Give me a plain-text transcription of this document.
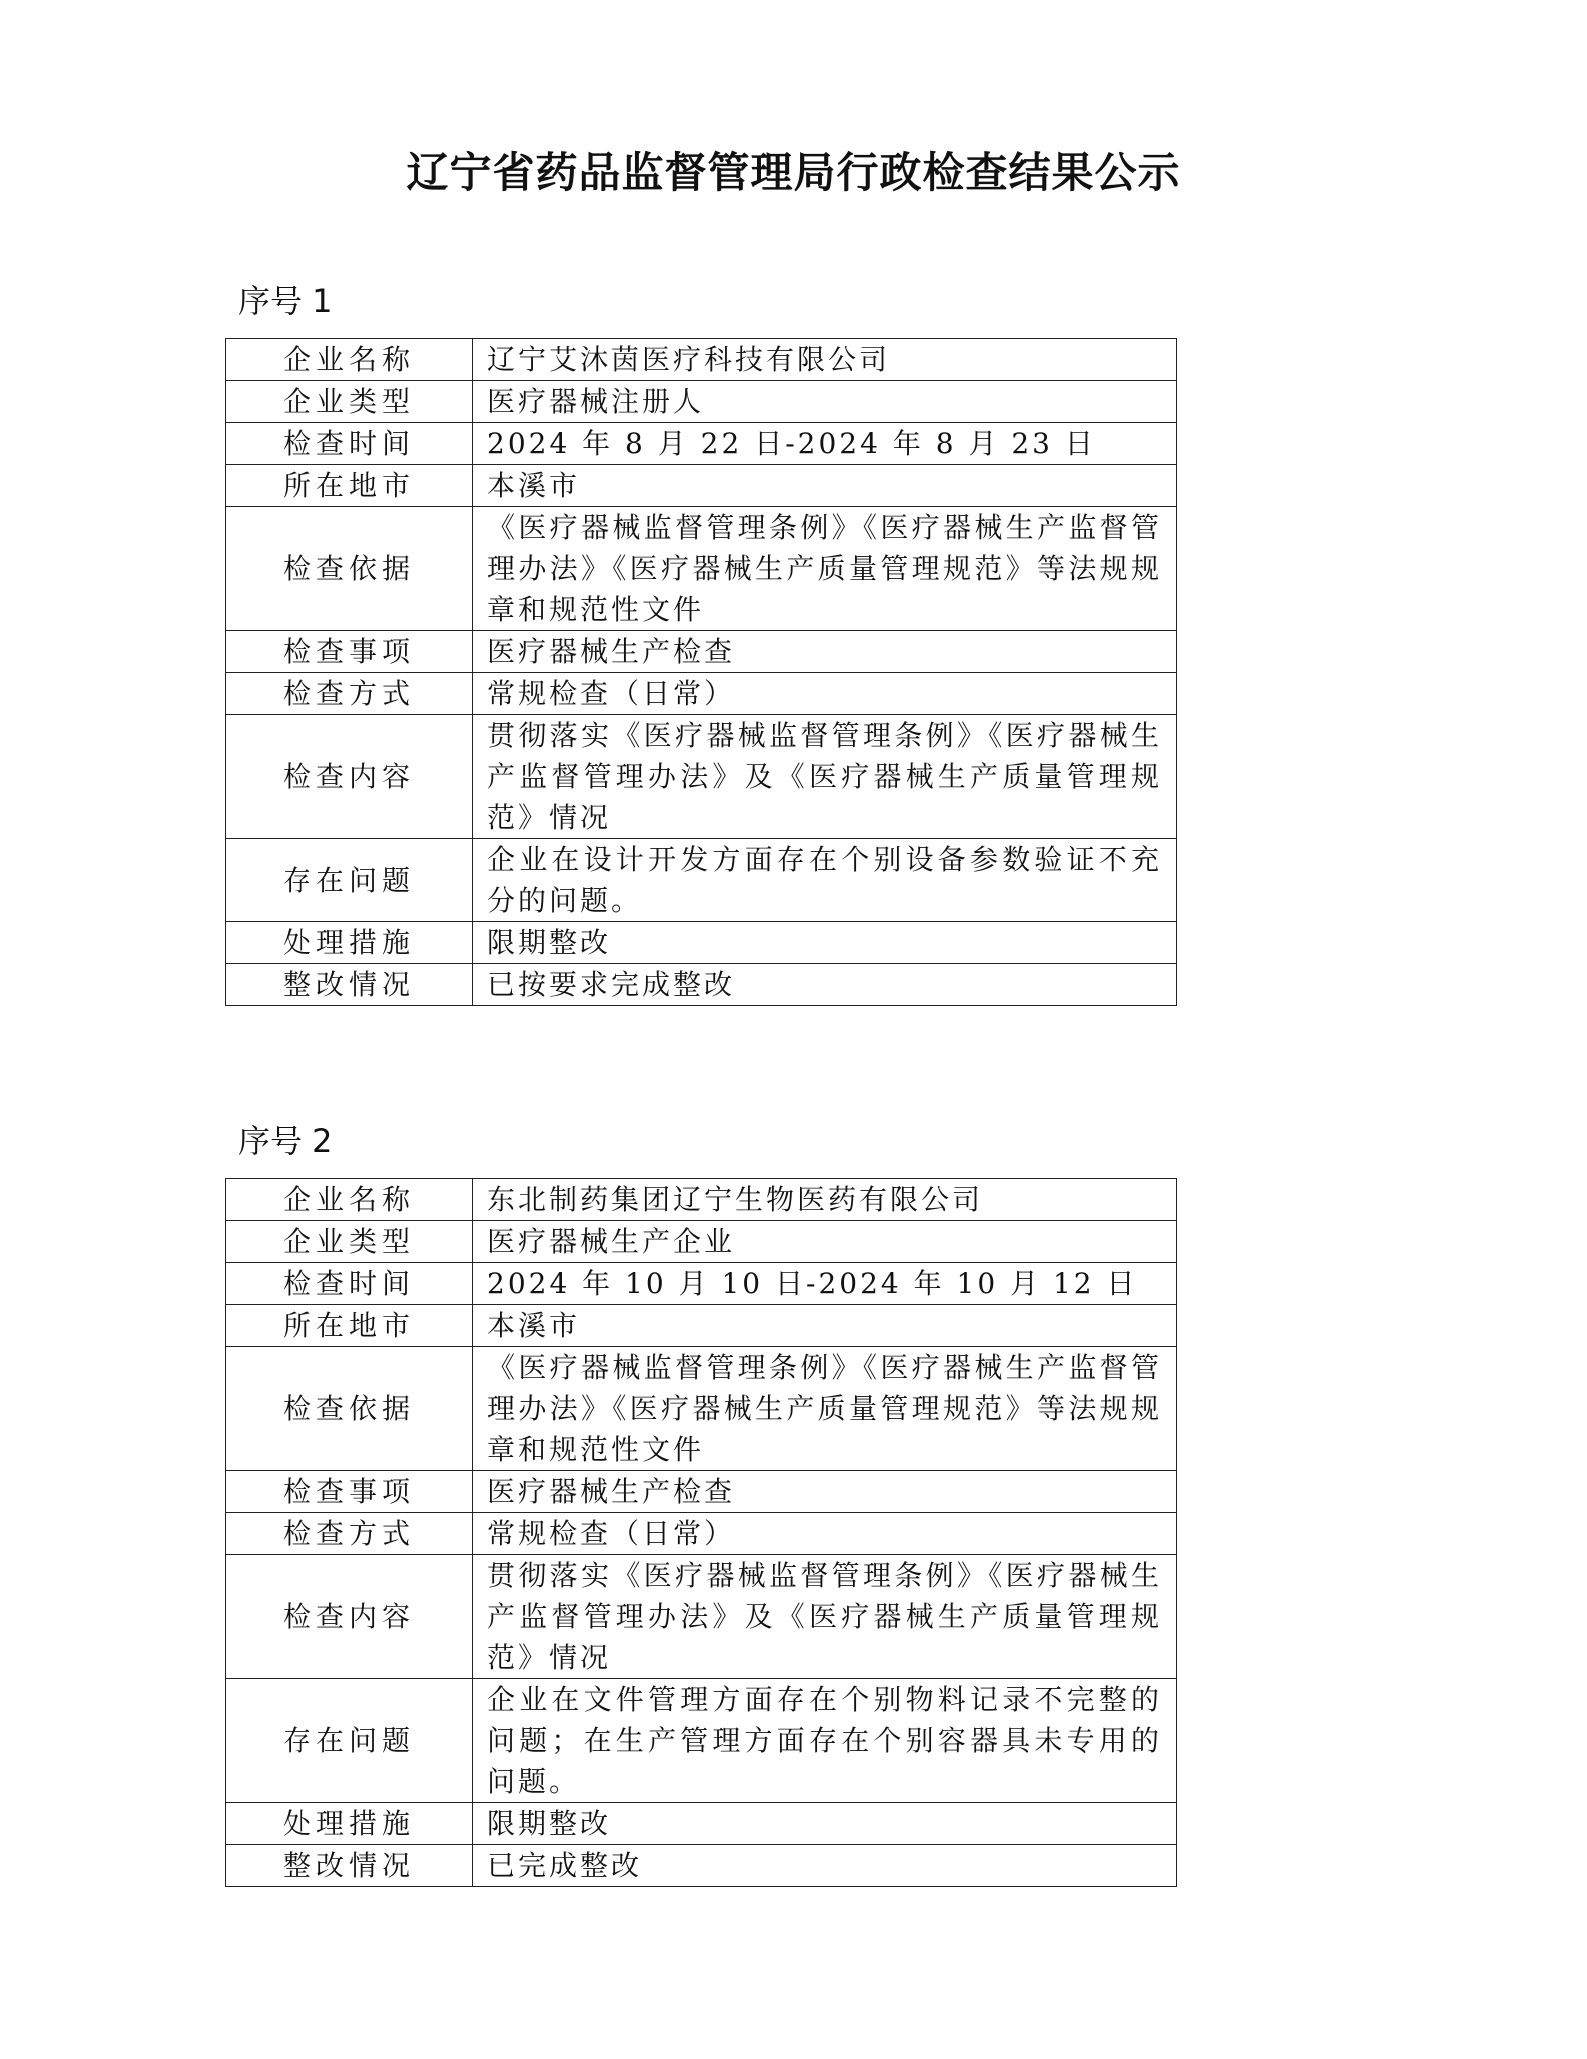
辽宁省药品监督管理局行政检查结果公示
序号 1
企业名称	辽宁艾沐茵医疗科技有限公司
企业类型	医疗器械注册人
检查时间	2024 年 8 月 22 日-2024 年 8 月 23 日
所在地市	本溪市
检查依据	《医疗器械监督管理条例》《医疗器械生产监督管理办法》《医疗器械生产质量管理规范》等法规规章和规范性文件
检查事项	医疗器械生产检查
检查方式	常规检查（日常）
检查内容	贯彻落实《医疗器械监督管理条例》《医疗器械生产监督管理办法》及《医疗器械生产质量管理规范》情况
存在问题	企业在设计开发方面存在个别设备参数验证不充分的问题。
处理措施	限期整改
整改情况	已按要求完成整改
序号 2
企业名称	东北制药集团辽宁生物医药有限公司
企业类型	医疗器械生产企业
检查时间	2024 年 10 月 10 日-2024 年 10 月 12 日
所在地市	本溪市
检查依据	《医疗器械监督管理条例》《医疗器械生产监督管理办法》《医疗器械生产质量管理规范》等法规规章和规范性文件
检查事项	医疗器械生产检查
检查方式	常规检查（日常）
检查内容	贯彻落实《医疗器械监督管理条例》《医疗器械生产监督管理办法》及《医疗器械生产质量管理规范》情况
存在问题	企业在文件管理方面存在个别物料记录不完整的问题；在生产管理方面存在个别容器具未专用的问题。
处理措施	限期整改
整改情况	已完成整改
